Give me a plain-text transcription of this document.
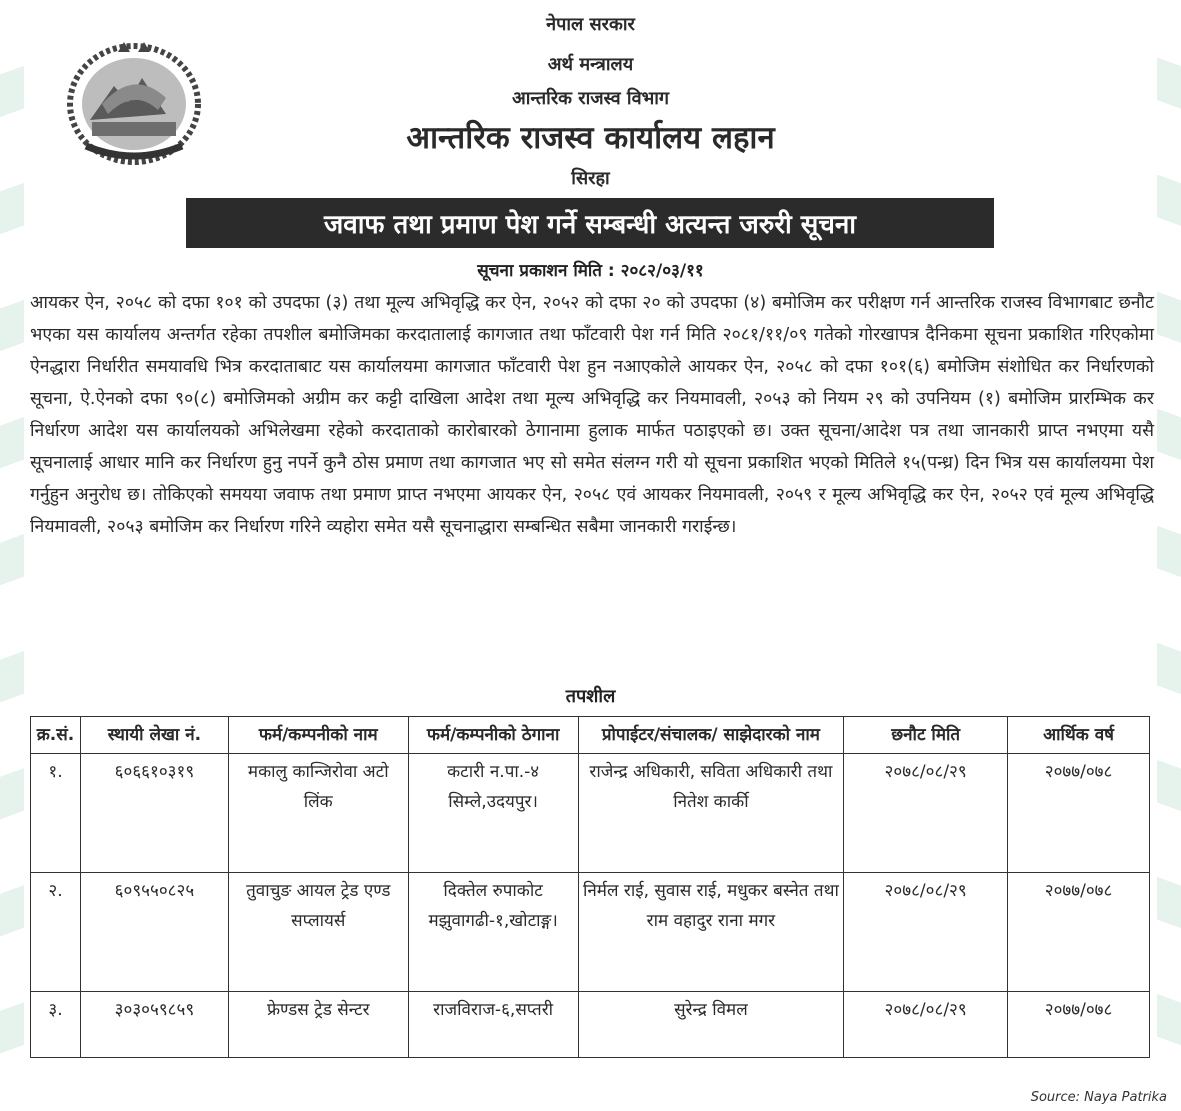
नेपाल सरकार
अर्थ मन्त्रालय
आन्तरिक राजस्व विभाग
आन्तरिक राजस्व कार्यालय लहान
सिरहा
जवाफ तथा प्रमाण पेश गर्ने सम्बन्धी अत्यन्त जरुरी सूचना
सूचना प्रकाशन मिति : २०८२/०३/११
आयकर ऐन, २०५८ को दफा १०१ को उपदफा (३) तथा मूल्य अभिवृद्धि कर ऐन, २०५२ को दफा २० को उपदफा (४) बमोजिम कर परीक्षण गर्न आन्तरिक राजस्व विभागबाट छनौट भएका यस कार्यालय अन्तर्गत रहेका तपशील बमोजिमका करदातालाई कागजात तथा फाँटवारी पेश गर्न मिति २०८१/११/०९ गतेको गोरखापत्र दैनिकमा सूचना प्रकाशित गरिएकोमा ऐनद्धारा निर्धारीत समयावधि भित्र करदाताबाट यस कार्यालयमा कागजात फाँटवारी पेश हुन नआएकोले आयकर ऐन, २०५८ को दफा १०१(६) बमोजिम संशोधित कर निर्धारणको सूचना, ऐ.ऐनको दफा ९०(८) बमोजिमको अग्रीम कर कट्टी दाखिला आदेश तथा मूल्य अभिवृद्धि कर नियमावली, २०५३ को नियम २९ को उपनियम (१) बमोजिम प्रारम्भिक कर निर्धारण आदेश यस कार्यालयको अभिलेखमा रहेको करदाताको कारोबारको ठेगानामा हुलाक मार्फत पठाइएको छ। उक्त सूचना/आदेश पत्र तथा जानकारी प्राप्त नभएमा यसै सूचनालाई आधार मानि कर निर्धारण हुनु नपर्ने कुनै ठोस प्रमाण तथा कागजात भए सो समेत संलग्न गरी यो सूचना प्रकाशित भएको मितिले १५(पन्ध्र) दिन भित्र यस कार्यालयमा पेश गर्नुहुन अनुरोध छ। तोकिएको समयया जवाफ तथा प्रमाण प्राप्त नभएमा आयकर ऐन, २०५८ एवं आयकर नियमावली, २०५९ र मूल्य अभिवृद्धि कर ऐन, २०५२ एवं मूल्य अभिवृद्धि नियमावली, २०५३ बमोजिम कर निर्धारण गरिने व्यहोरा समेत यसै सूचनाद्धारा सम्बन्धित सबैमा जानकारी गराईन्छ।
तपशील
क्र.सं.	स्थायी लेखा नं.	फर्म/कम्पनीको नाम	फर्म/कम्पनीको ठेगाना	प्रोपाईटर/संचालक/ साझेदारको नाम	छनौट मिति	आर्थिक वर्ष
१.	६०६६१०३१९	मकालु कान्जिरोवा अटो लिंक	कटारी न.पा.-४ सिम्ले,उदयपुर।	राजेन्द्र अधिकारी, सविता अधिकारी तथा नितेश कार्की	२०७८/०८/२९	२०७७/०७८
२.	६०९५५०८२५	तुवाचुङ आयल ट्रेड एण्ड सप्लायर्स	दिक्तेल रुपाकोट मझुवागढी-१,खोटाङ्ग।	निर्मल राई, सुवास राई, मधुकर बस्नेत तथा राम वहादुर राना मगर	२०७८/०८/२९	२०७७/०७८
३.	३०३०५९८५९	फ्रेण्डस ट्रेड सेन्टर	राजविराज-६,सप्तरी	सुरेन्द्र विमल	२०७८/०८/२९	२०७७/०७८
Source: Naya Patrika
